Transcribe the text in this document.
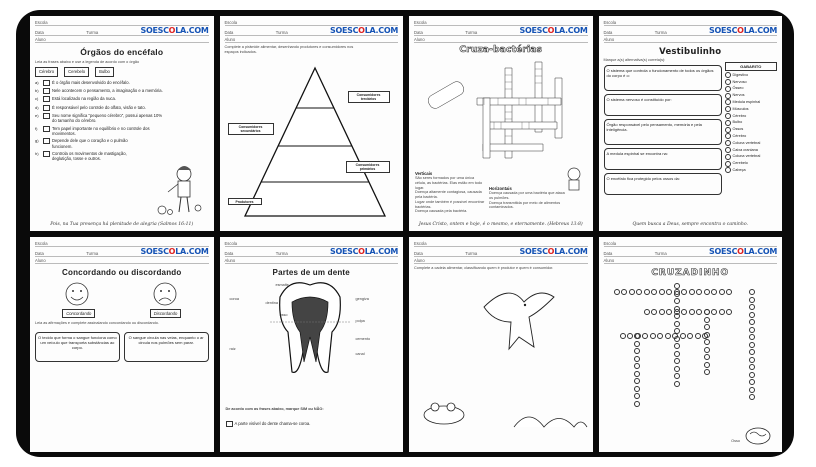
Escola
Data	Turma	SOESCOLA.COM
Aluno
Órgãos do encéfalo
Leia as frases abaixo e use a legenda de acordo com o órgão
Cérebro	Cerebelo	Bulbo
a)	É o órgão mais desenvolvido do encéfalo.
b)	Nele acontecem o pensamento, a imaginação e a memória.
c)	Está localizado na região da nuca.
d)	É responsável pelo controle do olfato, visão e tato.
e)	Seu nome significa "pequeno cérebro", possui apenas 10% do tamanho do cérebro.
f)	Tem papel importante no equilíbrio e no controle dos movimentos.
g)	Depende dele que o coração e o pulmão funcionem.
h)	Controla os movimentos de mastigação, deglutição, tosse e outros.
Pois, na Tua presença há plenitude de alegria (Salmos 16:11)
Escola
Data	Turma	SOESCOLA.COM
Aluno
Complete a pirâmide alimentar, desenhando produtores e consumidores nos espaços indicados.
Consumidores terciários
Consumidores secundários
Consumidores primários
Produtores
Escola
Data	Turma	SOESCOLA.COM
Aluno
Cruza-bactérias
Verticais
São seres formados por uma única célula, as bactérias. Elas estão em todo lugar.
Doença altamente contagiosa, causada pela bactéria.
Lugar onde também é possível encontrar bactérias.
Doença causada pela bactéria.
Horizontais
Doença causada por uma bactéria que ataca os pulmões.
Doença transmitida por meio de alimentos contaminados.
Jesus Cristo, ontem e hoje, é o mesmo, e eternamente. (Hebreus 13:8)
Escola
Data	Turma	SOESCOLA.COM
Aluno
Vestibulinho
Marque a(s) alternativa(s) correta(s):
O sistema que controla o funcionamento de todos os órgãos do corpo é o:
O sistema nervoso é constituído por:
Órgão responsável pelo pensamento, memória e pela inteligência.
A medula espinhal se encontra na:
O encéfalo fica protegido pelos ossos da:
GABARITO
Digestivo
Nervoso
Ósseo
Nervos
Medula espinhal
Músculos
Cérebro
Bulbo
Ossos
Cérebro
Coluna vertebral
Caixa craniana
Coluna vertebral
Cerebelo
Cabeça
Quem busca a Deus, sempre encontra o caminho.
Escola
Data	Turma	SOESCOLA.COM
Aluno
Concordando ou discordando
Concordando	Discordando
Leia as afirmações e complete assinalando concordando ou discordando.
O tecido que forma o sangue funciona como um veículo que transporta substâncias ao corpo.
O sangue circula nas veias, enquanto o ar circula nos pulmões sem parar.
Escola
Data	Turma	SOESCOLA.COM
Aluno
Partes de um dente
esmalte
dentina
gengiva
polpa
raiz
coroa
cemento
canal
osso
De acordo com as frases abaixo, marque SIM ou NÃO:
A parte visível do dente chama-se coroa.
Escola
Data	Turma	SOESCOLA.COM
Aluno
Complete a cadeia alimentar, classificando quem é produtor e quem é consumidor.
Escola
Data	Turma	SOESCOLA.COM
Aluno
CRUZADINHO
Osso
